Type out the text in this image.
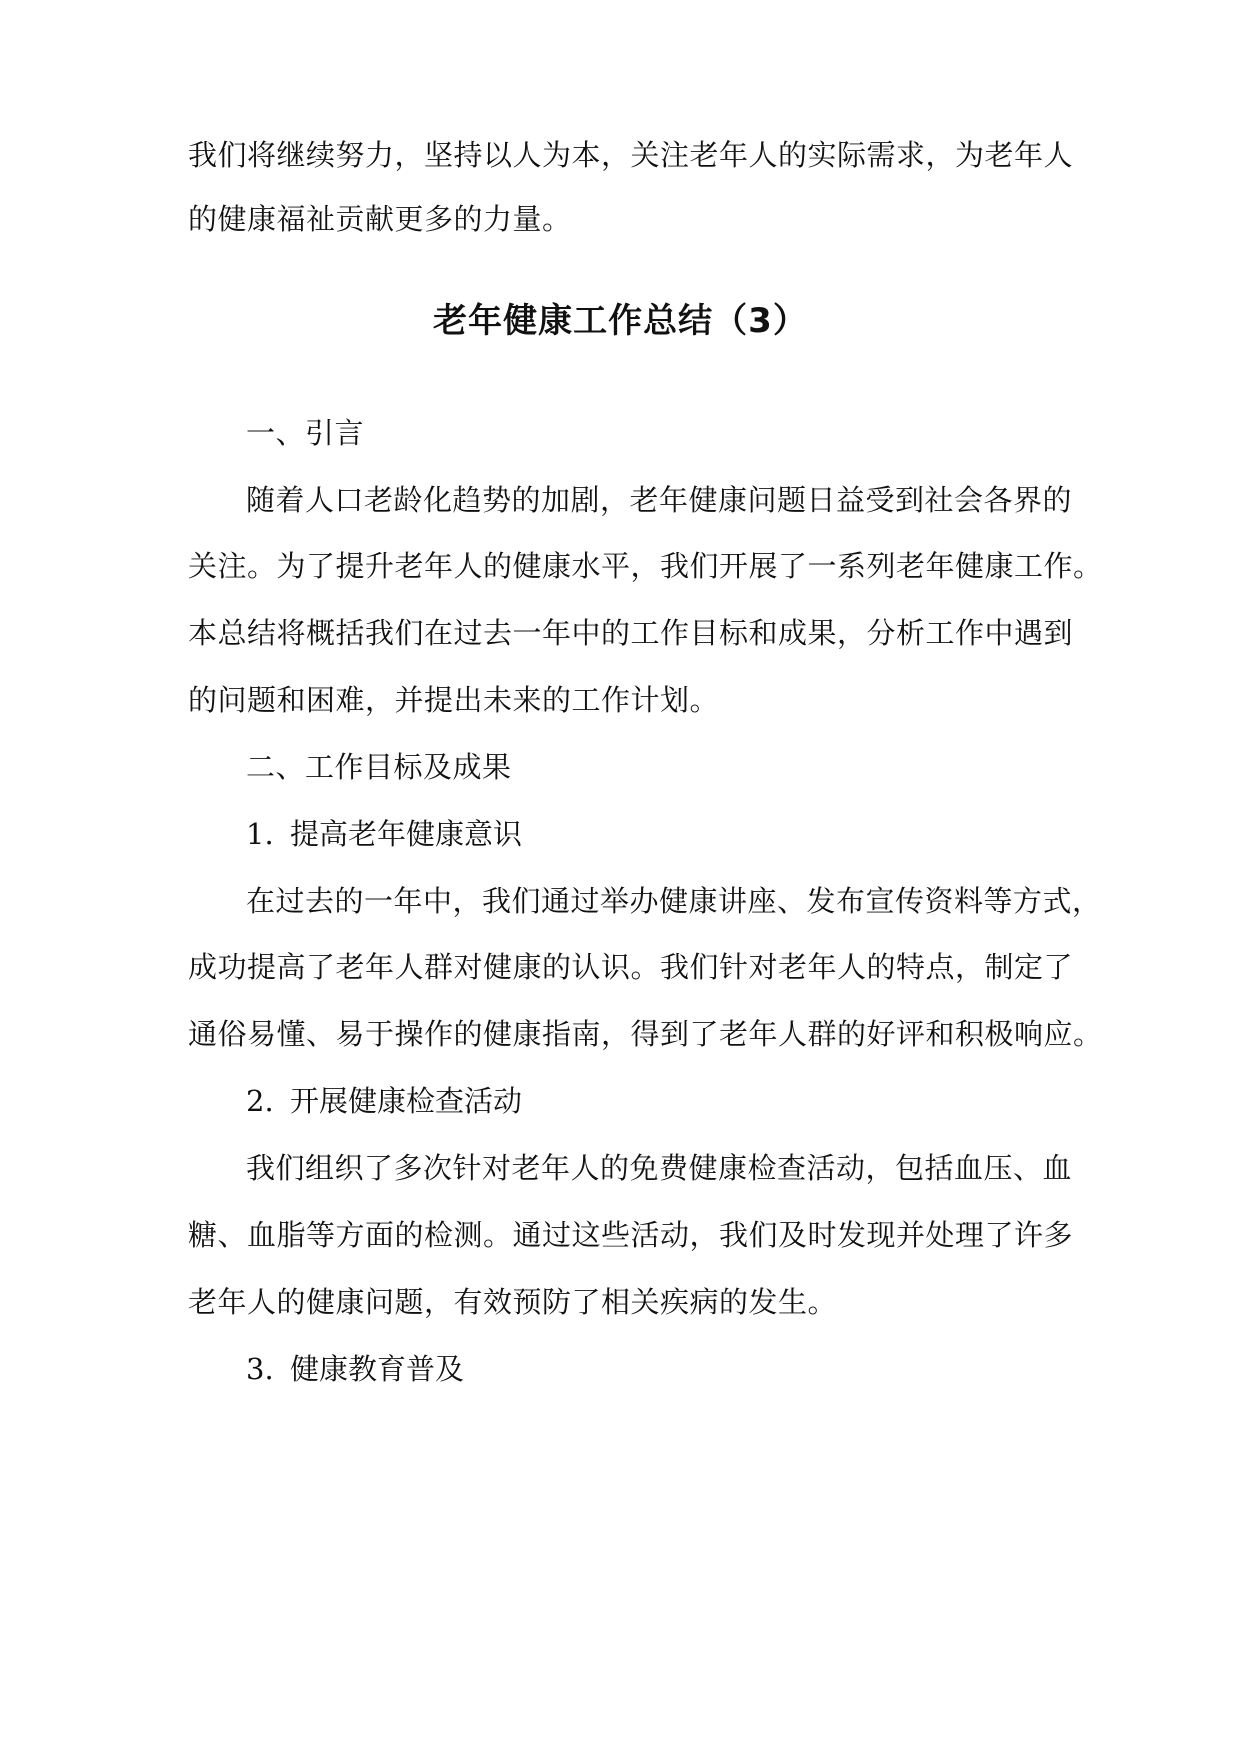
我们将继续努力，坚持以人为本，关注老年人的实际需求，为老年人
的健康福祉贡献更多的力量。
老年健康工作总结（3）
一、引言
随着人口老龄化趋势的加剧，老年健康问题日益受到社会各界的
关注。为了提升老年人的健康水平，我们开展了一系列老年健康工作。
本总结将概括我们在过去一年中的工作目标和成果，分析工作中遇到
的问题和困难，并提出未来的工作计划。
二、工作目标及成果
1. 提高老年健康意识
在过去的一年中，我们通过举办健康讲座、发布宣传资料等方式，
成功提高了老年人群对健康的认识。我们针对老年人的特点，制定了
通俗易懂、易于操作的健康指南，得到了老年人群的好评和积极响应。
2. 开展健康检查活动
我们组织了多次针对老年人的免费健康检查活动，包括血压、血
糖、血脂等方面的检测。通过这些活动，我们及时发现并处理了许多
老年人的健康问题，有效预防了相关疾病的发生。
3. 健康教育普及
